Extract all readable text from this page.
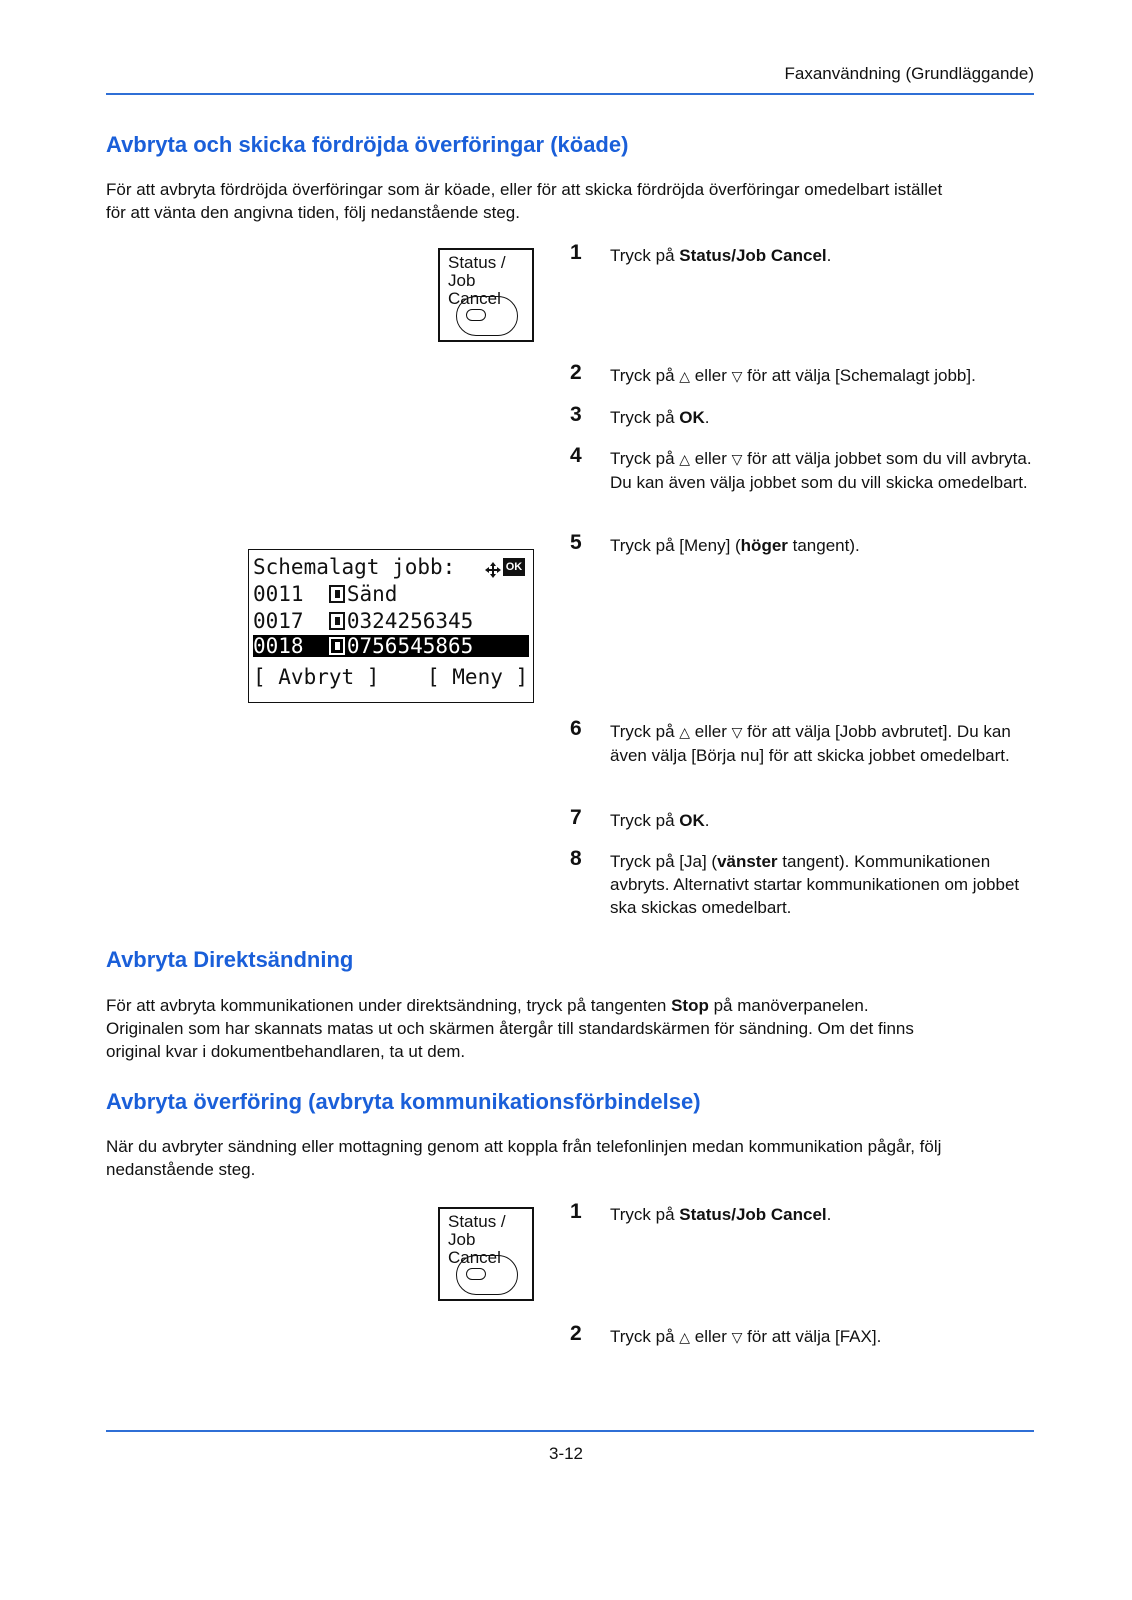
Faxanvändning (Grundläggande)
Avbryta och skicka fördröjda överföringar (köade)
För att avbryta fördröjda överföringar som är köade, eller för att skicka fördröjda överföringar omedelbart istället
för att vänta den angivna tiden, följ nedanstående steg.
Status /
Job Cancel
1 Tryck på Status/Job Cancel.
2 Tryck på △ eller ▽ för att välja [Schemalagt jobb].
3 Tryck på OK.
4 Tryck på △ eller ▽ för att välja jobbet som du vill avbryta. Du kan även välja jobbet som du vill skicka omedelbart.
5 Tryck på [Meny] (höger tangent).
Schemalagt jobb:	OK
0011 Sänd
0017 0324256345
0018 0756545865
[ Avbryt ] [ Meny ]
6 Tryck på △ eller ▽ för att välja [Jobb avbrutet]. Du kan även välja [Börja nu] för att skicka jobbet omedelbart.
7 Tryck på OK.
8 Tryck på [Ja] (vänster tangent). Kommunikationen avbryts. Alternativt startar kommunikationen om jobbet ska skickas omedelbart.
Avbryta Direktsändning
För att avbryta kommunikationen under direktsändning, tryck på tangenten Stop på manöverpanelen.
Originalen som har skannats matas ut och skärmen återgår till standardskärmen för sändning. Om det finns
original kvar i dokumentbehandlaren, ta ut dem.
Avbryta överföring (avbryta kommunikationsförbindelse)
När du avbryter sändning eller mottagning genom att koppla från telefonlinjen medan kommunikation pågår, följ
nedanstående steg.
Status /
Job Cancel
1 Tryck på Status/Job Cancel.
2 Tryck på △ eller ▽ för att välja [FAX].
3-12
